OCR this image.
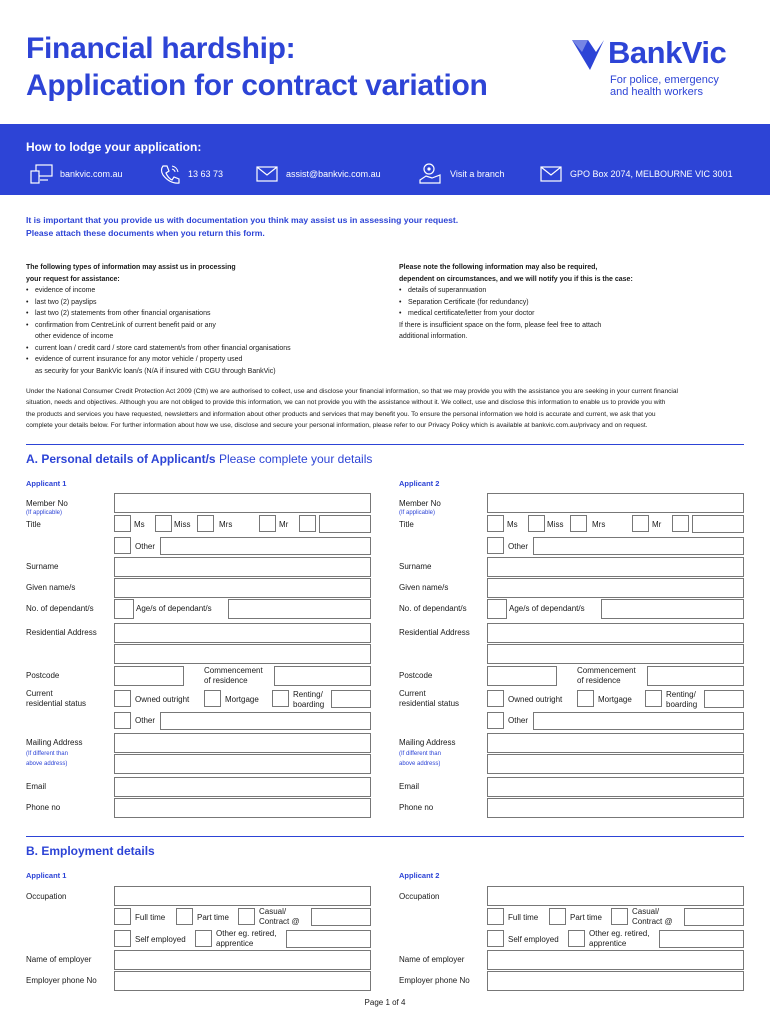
Financial hardship:
Application for contract variation
BankVic
For police, emergency
and health workers
How to lodge your application:
bankvic.com.au	13 63 73	assist@bankvic.com.au	Visit a branch	GPO Box 2074, MELBOURNE VIC 3001
It is important that you provide us with documentation you think may assist us in assessing your request.
Please attach these documents when you return this form.
The following types of information may assist us in processing
your request for assistance:
• evidence of income
• last two (2) payslips
• last two (2) statements from other financial organisations
• confirmation from CentreLink of current benefit paid or any
other evidence of income
• current loan / credit card / store card statement/s from other financial organisations
• evidence of current insurance for any motor vehicle / property used
as security for your BankVic loan/s (N/A if insured with CGU through BankVic)
Please note the following information may also be required,
dependent on circumstances, and we will notify you if this is the case:
• details of superannuation
• Separation Certificate (for redundancy)
• medical certificate/letter from your doctor
If there is insufficient space on the form, please feel free to attach
additional information.
Under the National Consumer Credit Protection Act 2009 (Cth) we are authorised to collect, use and disclose your financial information, so that we may provide you with the assistance you are seeking in your current financial
situation, needs and objectives. Although you are not obliged to provide this information, we can not provide you with the assistance without it. We collect, use and disclose this information to enable us to provide you with
the products and services you have requested, newsletters and information about other products and services that may benefit you. To ensure the personal information we hold is accurate and current, we ask that you
complete your details below. For further information about how we use, disclose and secure your personal information, please refer to our Privacy Policy which is available at bankvic.com.au/privacy and on request.
A. Personal details of Applicant/s Please complete your details
Applicant 1	Applicant 2
Member No
(If applicable)
Title	Ms	Miss	Mrs	Mr
Other
Surname
Given name/s
No. of dependant/s	Age/s of dependant/s
Residential Address
Postcode
Commencement
of residence
Current
residential status	Owned outright	Mortgage
Renting/
boarding
Other
Mailing Address
(If different than
above address)
Email
Phone no
Member No
(If applicable)
Title	Ms	Miss	Mrs	Mr
Other
Surname
Given name/s
No. of dependant/s	Age/s of dependant/s
Residential Address
Postcode
Commencement
of residence
Current
residential status	Owned outright	Mortgage
Renting/
boarding
Other
Mailing Address
(If different than
above address)
Email
Phone no
B. Employment details
Applicant 1	Applicant 2
Occupation
Full time	Part time
Casual/
Contract @
Self employed
Other eg. retired,
apprentice
Name of employer
Employer phone No
Occupation
Full time	Part time
Casual/
Contract @
Self employed
Other eg. retired,
apprentice
Name of employer
Employer phone No
Page 1 of 4
